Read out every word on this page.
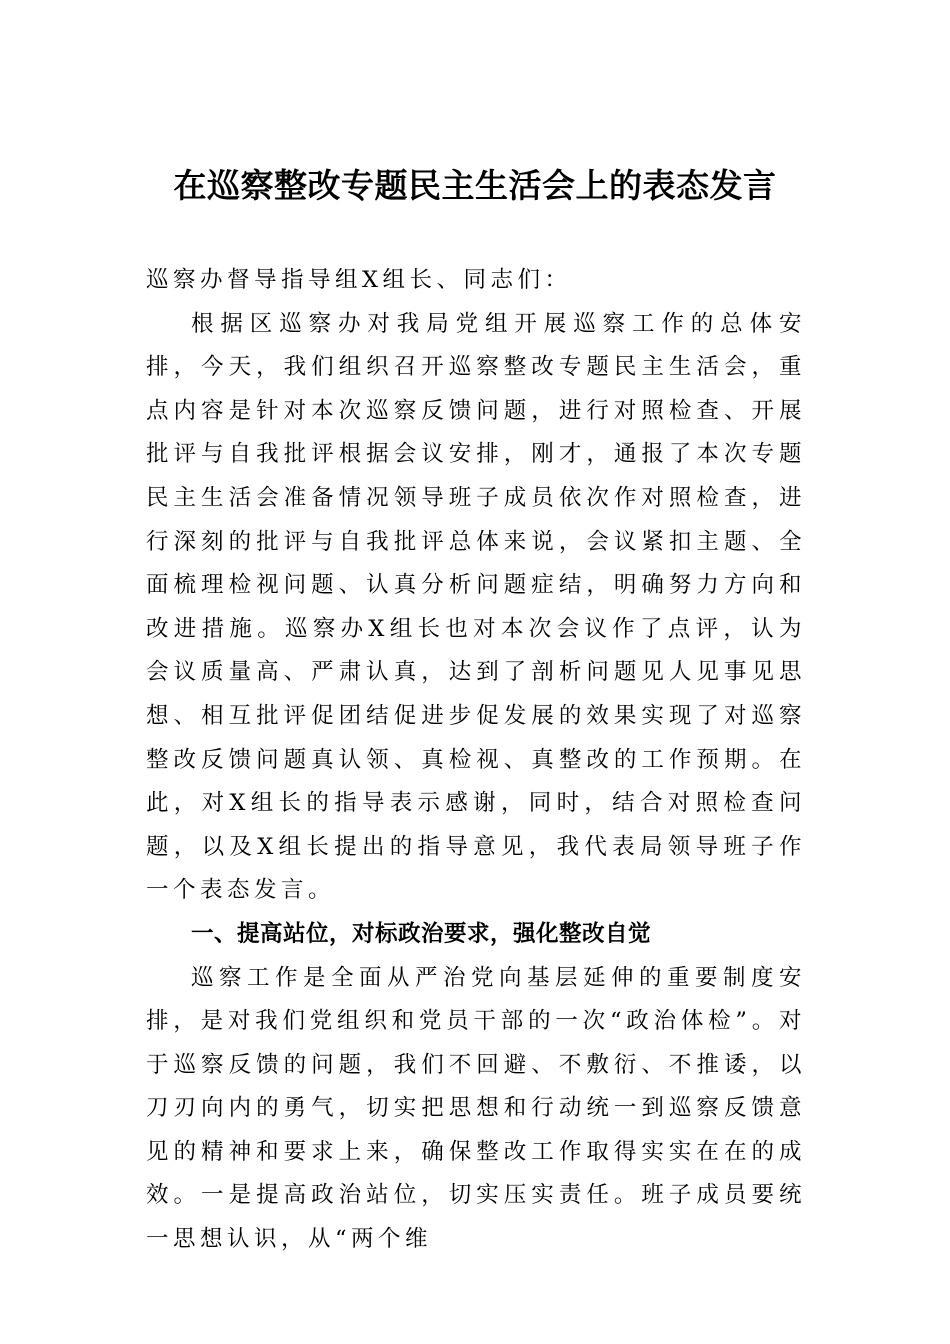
在巡察整改专题民主生活会上的表态发言

巡察办督导指导组X组长、同志们：

根据区巡察办对我局党组开展巡察工作的总体安排，今天，我们组织召开巡察整改专题民主生活会，重点内容是针对本次巡察反馈问题，进行对照检查、开展批评与自我批评根据会议安排，刚才，通报了本次专题民主生活会准备情况领导班子成员依次作对照检查，进行深刻的批评与自我批评总体来说，会议紧扣主题、全面梳理检视问题、认真分析问题症结，明确努力方向和改进措施。巡察办X组长也对本次会议作了点评，认为会议质量高、严肃认真，达到了剖析问题见人见事见思想、相互批评促团结促进步促发展的效果实现了对巡察整改反馈问题真认领、真检视、真整改的工作预期。在此，对X组长的指导表示感谢，同时，结合对照检查问题，以及X组长提出的指导意见，我代表局领导班子作一个表态发言。

一、提高站位，对标政治要求，强化整改自觉

巡察工作是全面从严治党向基层延伸的重要制度安排，是对我们党组织和党员干部的一次“政治体检”。对于巡察反馈的问题，我们不回避、不敷衍、不推诿，以刀刃向内的勇气，切实把思想和行动统一到巡察反馈意见的精神和要求上来，确保整改工作取得实实在在的成效。一是提高政治站位，切实压实责任。班子成员要统一思想认识，从“两个维
